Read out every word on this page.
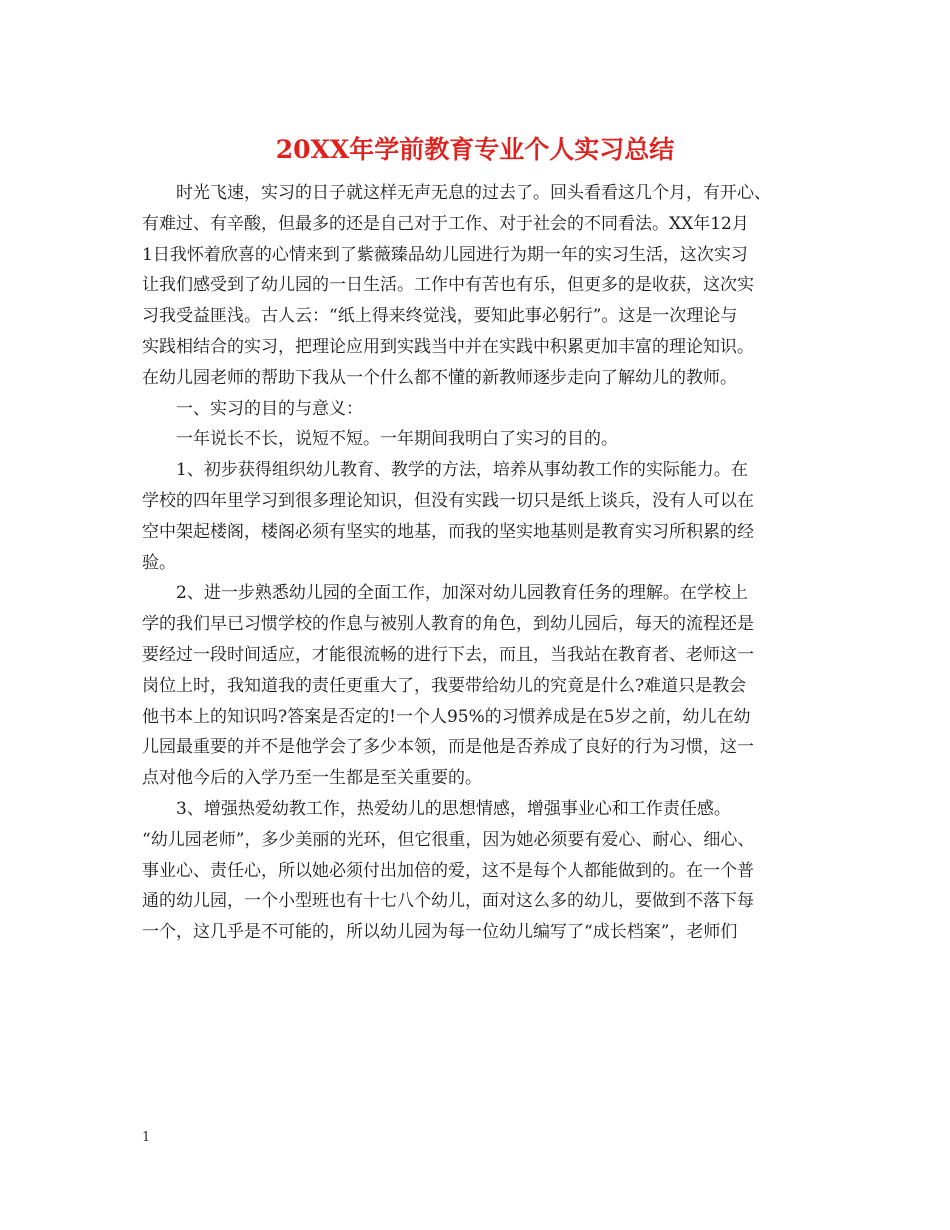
20XX年学前教育专业个人实习总结
时光飞速，实习的日子就这样无声无息的过去了。回头看看这几个月，有开心、
有难过、有辛酸，但最多的还是自己对于工作、对于社会的不同看法。XX年12月
1日我怀着欣喜的心情来到了紫薇臻品幼儿园进行为期一年的实习生活，这次实习
让我们感受到了幼儿园的一日生活。工作中有苦也有乐，但更多的是收获，这次实
习我受益匪浅。古人云：“纸上得来终觉浅，要知此事必躬行”。这是一次理论与
实践相结合的实习，把理论应用到实践当中并在实践中积累更加丰富的理论知识。
在幼儿园老师的帮助下我从一个什么都不懂的新教师逐步走向了解幼儿的教师。
一、实习的目的与意义：
一年说长不长，说短不短。一年期间我明白了实习的目的。
1、初步获得组织幼儿教育、教学的方法，培养从事幼教工作的实际能力。在
学校的四年里学习到很多理论知识，但没有实践一切只是纸上谈兵，没有人可以在
空中架起楼阁，楼阁必须有坚实的地基，而我的坚实地基则是教育实习所积累的经
验。
2、进一步熟悉幼儿园的全面工作，加深对幼儿园教育任务的理解。在学校上
学的我们早已习惯学校的作息与被别人教育的角色，到幼儿园后，每天的流程还是
要经过一段时间适应，才能很流畅的进行下去，而且，当我站在教育者、老师这一
岗位上时，我知道我的责任更重大了，我要带给幼儿的究竟是什么?难道只是教会
他书本上的知识吗?答案是否定的!一个人95%的习惯养成是在5岁之前，幼儿在幼
儿园最重要的并不是他学会了多少本领，而是他是否养成了良好的行为习惯，这一
点对他今后的入学乃至一生都是至关重要的。
3、增强热爱幼教工作，热爱幼儿的思想情感，增强事业心和工作责任感。
“幼儿园老师”，多少美丽的光环，但它很重，因为她必须要有爱心、耐心、细心、
事业心、责任心，所以她必须付出加倍的爱，这不是每个人都能做到的。在一个普
通的幼儿园，一个小型班也有十七八个幼儿，面对这么多的幼儿，要做到不落下每
一个，这几乎是不可能的，所以幼儿园为每一位幼儿编写了“成长档案”，老师们
1
